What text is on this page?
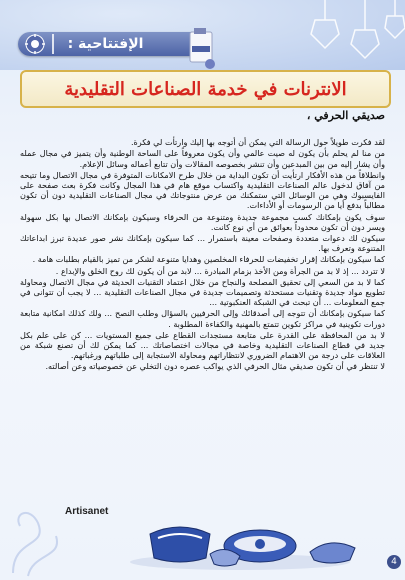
الإفتتاحية :
الانترنات في خدمة الصناعات التقليدية
صديقي الحرفي ،
لقد فكرت طويلاً حول الرسالة التي يمكن أن أتوجه بها إليك وارتأت لي فكرة.
من منا لم يحلم بأن يكون له صيت عالمي وأن يكون معروفاً على الساحة الوطنية وأن يتميز في مجال عمله وأن يشار إليه من بين المبدعين وأن تنشر بخصوصه المقالات وأن تتابع أعماله وسائل الإعلام.
وانطلاقاً من هذه الأفكار ارتأيت أن تكون البداية من خلال طرح الامكانات المتوفرة في مجال الاتصال وما تتيحه من آفاق لدخول عالم الصناعات التقليدية واكتساب موقع هام في هذا المجال وكانت فكرة بعث صفحة على الفايسبوك وهي من الوسائل التي ستمكنك من عرض منتوجاتك في مجال الصناعات التقليدية دون أن تكون مطالباً بدفع أيا من الرسومات أو الأداءات.
سوف يكون بإمكانك كسب مجموعة جديدة ومتنوعة من الحرفاء وسيكون بإمكانك الاتصال بها بكل سهولة ويسر دون أن تكون محدوداً بعوائق من أي نوع كانت.
سيكون لك دعوات متعددة وصفحات معينة باستمرار ... كما سيكون بإمكانك نشر صور عديدة تبرز ابداعاتك المتنوعة وتعرف بها.
كما سيكون بإمكانك إقرار تخفيضات للحرفاء المخلصين وهدايا متنوعة لشكر من تميز بالقيام بطلبات هامة .
لا تتردد ... إذ لا بد من الجرأة ومن الأخذ بزمام المبادرة ... لابد من أن يكون لك روح الخلق والإبداع .
كما لا بد من السعي إلى تحقيق المصلحة والنجاح من خلال اعتماد التقنيات الحديثة في مجال الاتصال ومحاولة تطويع مواد جديدة وتقنيات مستحدثة وتصميمات جديدة في مجال الصناعات التقليدية ... لا يجب أن تتوانى في جمع المعلومات ... أن تبحث في الشبكة العنكبوتية ...
كما سيكون بإمكانك أن تتوجه إلى أصدقائك وإلى الحرفيين بالسؤال وطلب النصح ... ولك كذلك امكانية متابعة دورات تكوينية في مراكز تكوين تتمتع بالمهنية والكفاءة المطلوبة .
لا بد من المحافظة على القدرة على متابعة مستجدات القطاع على جميع المستويات ... كن على علم بكل جديد في قطاع الصناعات التقليدية وخاصة في مجالات اختصاصاتك ... كما يمكن لك أن تصنع شبكة من العلاقات على درجة من الاهتمام الضروري لانتظاراتهم ومحاولة الاستجابة إلى طلباتهم ورغباتهم.
لا تنتظر في أن تكون صديقي مثال الحرفي الذي يواكب عصره دون التخلي عن خصوصياته وعن أصالته.
Artisanet
4
